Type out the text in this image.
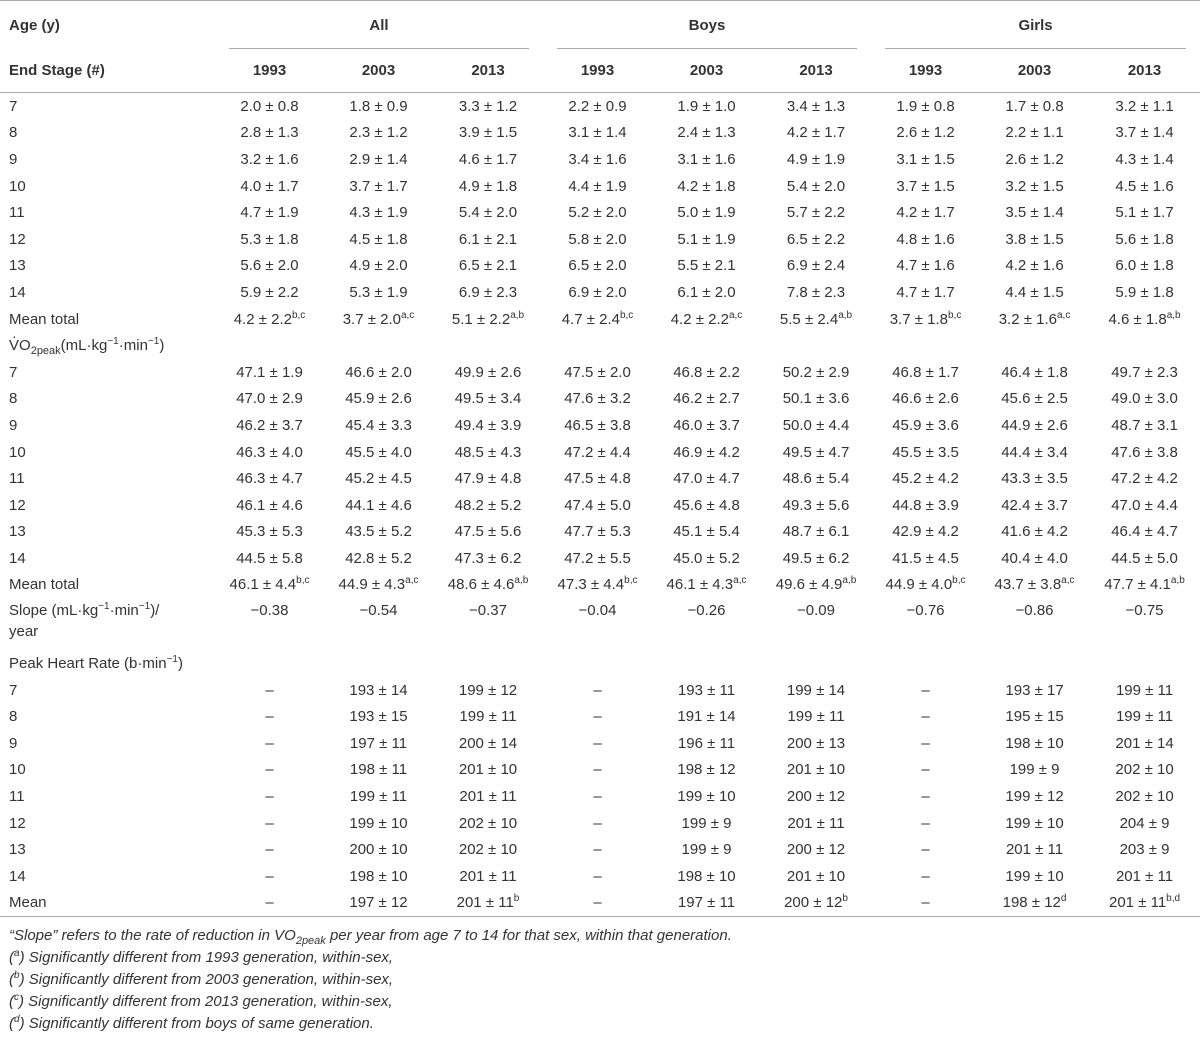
Age (y)	All			Boys			Girls		

End Stage (#)	1993	2003	2013	1993	2003	2013	1993	2003	2013
7	2.0 ± 0.8	1.8 ± 0.9	3.3 ± 1.2	2.2 ± 0.9	1.9 ± 1.0	3.4 ± 1.3	1.9 ± 0.8	1.7 ± 0.8	3.2 ± 1.1
8	2.8 ± 1.3	2.3 ± 1.2	3.9 ± 1.5	3.1 ± 1.4	2.4 ± 1.3	4.2 ± 1.7	2.6 ± 1.2	2.2 ± 1.1	3.7 ± 1.4
9	3.2 ± 1.6	2.9 ± 1.4	4.6 ± 1.7	3.4 ± 1.6	3.1 ± 1.6	4.9 ± 1.9	3.1 ± 1.5	2.6 ± 1.2	4.3 ± 1.4
10	4.0 ± 1.7	3.7 ± 1.7	4.9 ± 1.8	4.4 ± 1.9	4.2 ± 1.8	5.4 ± 2.0	3.7 ± 1.5	3.2 ± 1.5	4.5 ± 1.6
11	4.7 ± 1.9	4.3 ± 1.9	5.4 ± 2.0	5.2 ± 2.0	5.0 ± 1.9	5.7 ± 2.2	4.2 ± 1.7	3.5 ± 1.4	5.1 ± 1.7
12	5.3 ± 1.8	4.5 ± 1.8	6.1 ± 2.1	5.8 ± 2.0	5.1 ± 1.9	6.5 ± 2.2	4.8 ± 1.6	3.8 ± 1.5	5.6 ± 1.8
13	5.6 ± 2.0	4.9 ± 2.0	6.5 ± 2.1	6.5 ± 2.0	5.5 ± 2.1	6.9 ± 2.4	4.7 ± 1.6	4.2 ± 1.6	6.0 ± 1.8
14	5.9 ± 2.2	5.3 ± 1.9	6.9 ± 2.3	6.9 ± 2.0	6.1 ± 2.0	7.8 ± 2.3	4.7 ± 1.7	4.4 ± 1.5	5.9 ± 1.8
Mean total	$4.2 \pm 2.2^{b,c}$	$3.7 \pm 2.0^{a,c}$	$5.1 \pm 2.2^{a,b}$	$4.7 \pm 2.4^{b,c}$	$4.2 \pm 2.2^{a,c}$	$5.5 \pm 2.4^{a,b}$	$3.7 \pm 1.8^{b,c}$	$3.2 \pm 1.6^{a,c}$	$4.6 \pm 1.8^{a,b}$
· $VO_{2peak}(mL\cdot kg^{-1}\cdot\min^{-1})$
7	47.1 ± 1.9	46.6 ± 2.0	49.9 ± 2.6	47.5 ± 2.0	46.8 ± 2.2	50.2 ± 2.9	46.8 ± 1.7	46.4 ± 1.8	49.7 ± 2.3
8	47.0 ± 2.9	45.9 ± 2.6	49.5 ± 3.4	47.6 ± 3.2	46.2 ± 2.7	50.1 ± 3.6	46.6 ± 2.6	45.6 ± 2.5	49.0 ± 3.0
9	46.2 ± 3.7	45.4 ± 3.3	49.4 ± 3.9	46.5 ± 3.8	46.0 ± 3.7	50.0 ± 4.4	45.9 ± 3.6	44.9 ± 2.6	48.7 ± 3.1
10	46.3 ± 4.0	45.5 ± 4.0	48.5 ± 4.3	47.2 ± 4.4	46.9 ± 4.2	49.5 ± 4.7	45.5 ± 3.5	44.4 ± 3.4	47.6 ± 3.8
11	46.3 ± 4.7	45.2 ± 4.5	47.9 ± 4.8	47.5 ± 4.8	47.0 ± 4.7	48.6 ± 5.4	45.2 ± 4.2	43.3 ± 3.5	47.2 ± 4.2
12	46.1 ± 4.6	44.1 ± 4.6	48.2 ± 5.2	47.4 ± 5.0	45.6 ± 4.8	49.3 ± 5.6	44.8 ± 3.9	42.4 ± 3.7	47.0 ± 4.4
13	45.3 ± 5.3	43.5 ± 5.2	47.5 ± 5.6	47.7 ± 5.3	45.1 ± 5.4	48.7 ± 6.1	42.9 ± 4.2	41.6 ± 4.2	46.4 ± 4.7
14	44.5 ± 5.8	42.8 ± 5.2	47.3 ± 6.2	47.2 ± 5.5	45.0 ± 5.2	49.5 ± 6.2	41.5 ± 4.5	40.4 ± 4.0	44.5 ± 5.0
Mean total	$46.1 \pm 4.4^{b,c}$	$44.9 \pm 4.3^{a,c}$	$48.6 \pm 4.6^{a,b}$	$47.3 \pm 4.4^{b,c}$	$46.1 \pm 4.3^{a,c}$	$49.6 \pm 4.9^{a,b}$	$44.9 \pm 4.0^{b,c}$	$43.7 \pm 3.8^{a,c}$	$47.7 \pm 4.1^{a,b}$
Slope $(mL\cdot kg^{-1}\cdot\min^{-1})/$
year	−0.38	−0.54	−0.37	−0.04	−0.26	−0.09	−0.76	−0.86	−0.75
Peak Heart Rate $(b\cdot\min^{-1})$									
7	–	193 ± 14	199 ± 12	–	193 ± 11	199 ± 14	–	193 ± 17	199 ± 11
8	–	193 ± 15	199 ± 11	–	191 ± 14	199 ± 11	–	195 ± 15	199 ± 11
9	–	197 ± 11	200 ± 14	–	196 ± 11	200 ± 13	–	198 ± 10	201 ± 14
10	–	198 ± 11	201 ± 10	–	198 ± 12	201 ± 10	–	199 ± 9	202 ± 10
11	–	199 ± 11	201 ± 11	–	199 ± 10	200 ± 12	–	199 ± 12	202 ± 10
12	–	199 ± 10	202 ± 10	–	199 ± 9	201 ± 11	–	199 ± 10	204 ± 9
13	–	200 ± 10	202 ± 10	–	199 ± 9	200 ± 12	–	201 ± 11	203 ± 9
14	–	198 ± 10	201 ± 11	–	198 ± 10	201 ± 10	–	199 ± 10	201 ± 11
Mean	–	197 ± 12	$201 \pm 11^b$	–	197 ± 11	$200 \pm 12^b$	–	$198 \pm 12^d$	$201 \pm 11^{b,d}$
“Slope” refers to the rate of reduction in $VO_{2peak}$ per year from age 7 to 14 for that sex, within that generation.
($^a$) Significantly different from 1993 generation, within-sex,
($^b$) Significantly different from 2003 generation, within-sex,
($^c$) Significantly different from 2013 generation, within-sex,
($^d$) Significantly different from boys of same generation.
